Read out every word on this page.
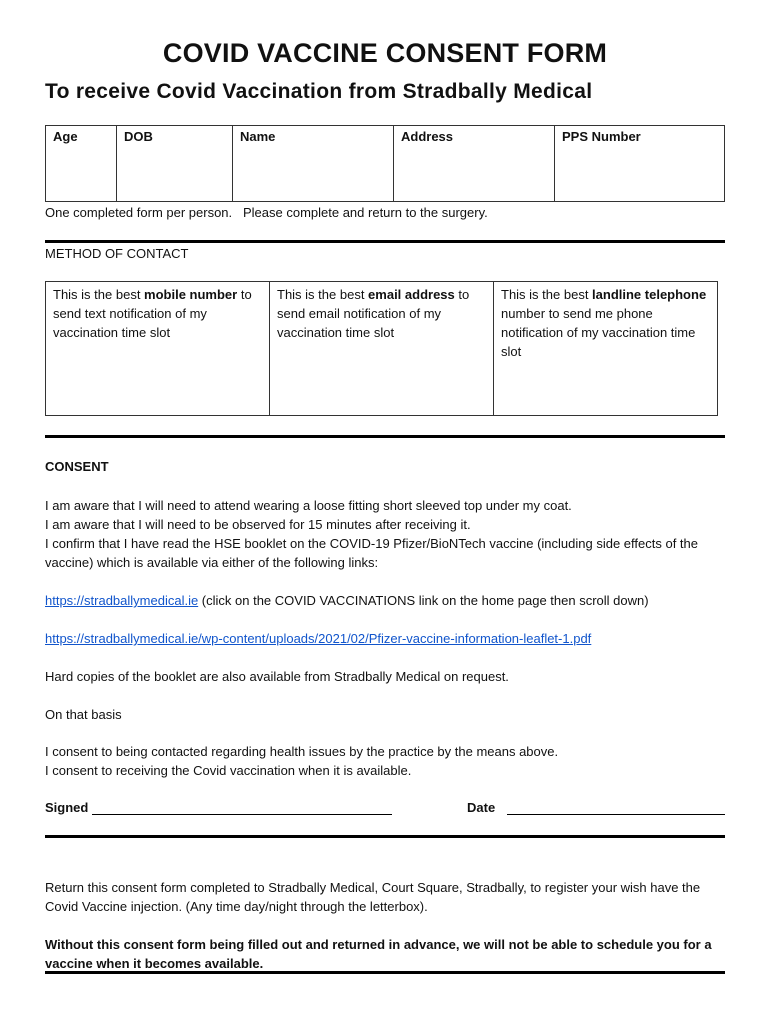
COVID VACCINE CONSENT FORM
To receive Covid Vaccination from Stradbally Medical
Age	DOB	Name	Address	PPS Number
One completed form per person.   Please complete and return to the surgery.
METHOD OF CONTACT
This is the best mobile number to send text notification of my vaccination time slot	This is the best email address to send email notification of my vaccination time slot	This is the best landline telephone number to send me phone notification of my vaccination time slot
CONSENT
I am aware that I will need to attend wearing a loose fitting short sleeved top under my coat.
I am aware that I will need to be observed for 15 minutes after receiving it.
I confirm that I have read the HSE booklet on the COVID-19 Pfizer/BioNTech vaccine (including side effects of the vaccine) which is available via either of the following links:
https://stradballymedical.ie (click on the COVID VACCINATIONS link on the home page then scroll down)
https://stradballymedical.ie/wp-content/uploads/2021/02/Pfizer-vaccine-information-leaflet-1.pdf
Hard copies of the booklet are also available from Stradbally Medical on request.
On that basis
I consent to being contacted regarding health issues by the practice by the means above.
I consent to receiving the Covid vaccination when it is available.
Signed	Date
Return this consent form completed to Stradbally Medical, Court Square, Stradbally, to register your wish have the Covid Vaccine injection. (Any time day/night through the letterbox).
Without this consent form being filled out and returned in advance, we will not be able to schedule you for a vaccine when it becomes available.
